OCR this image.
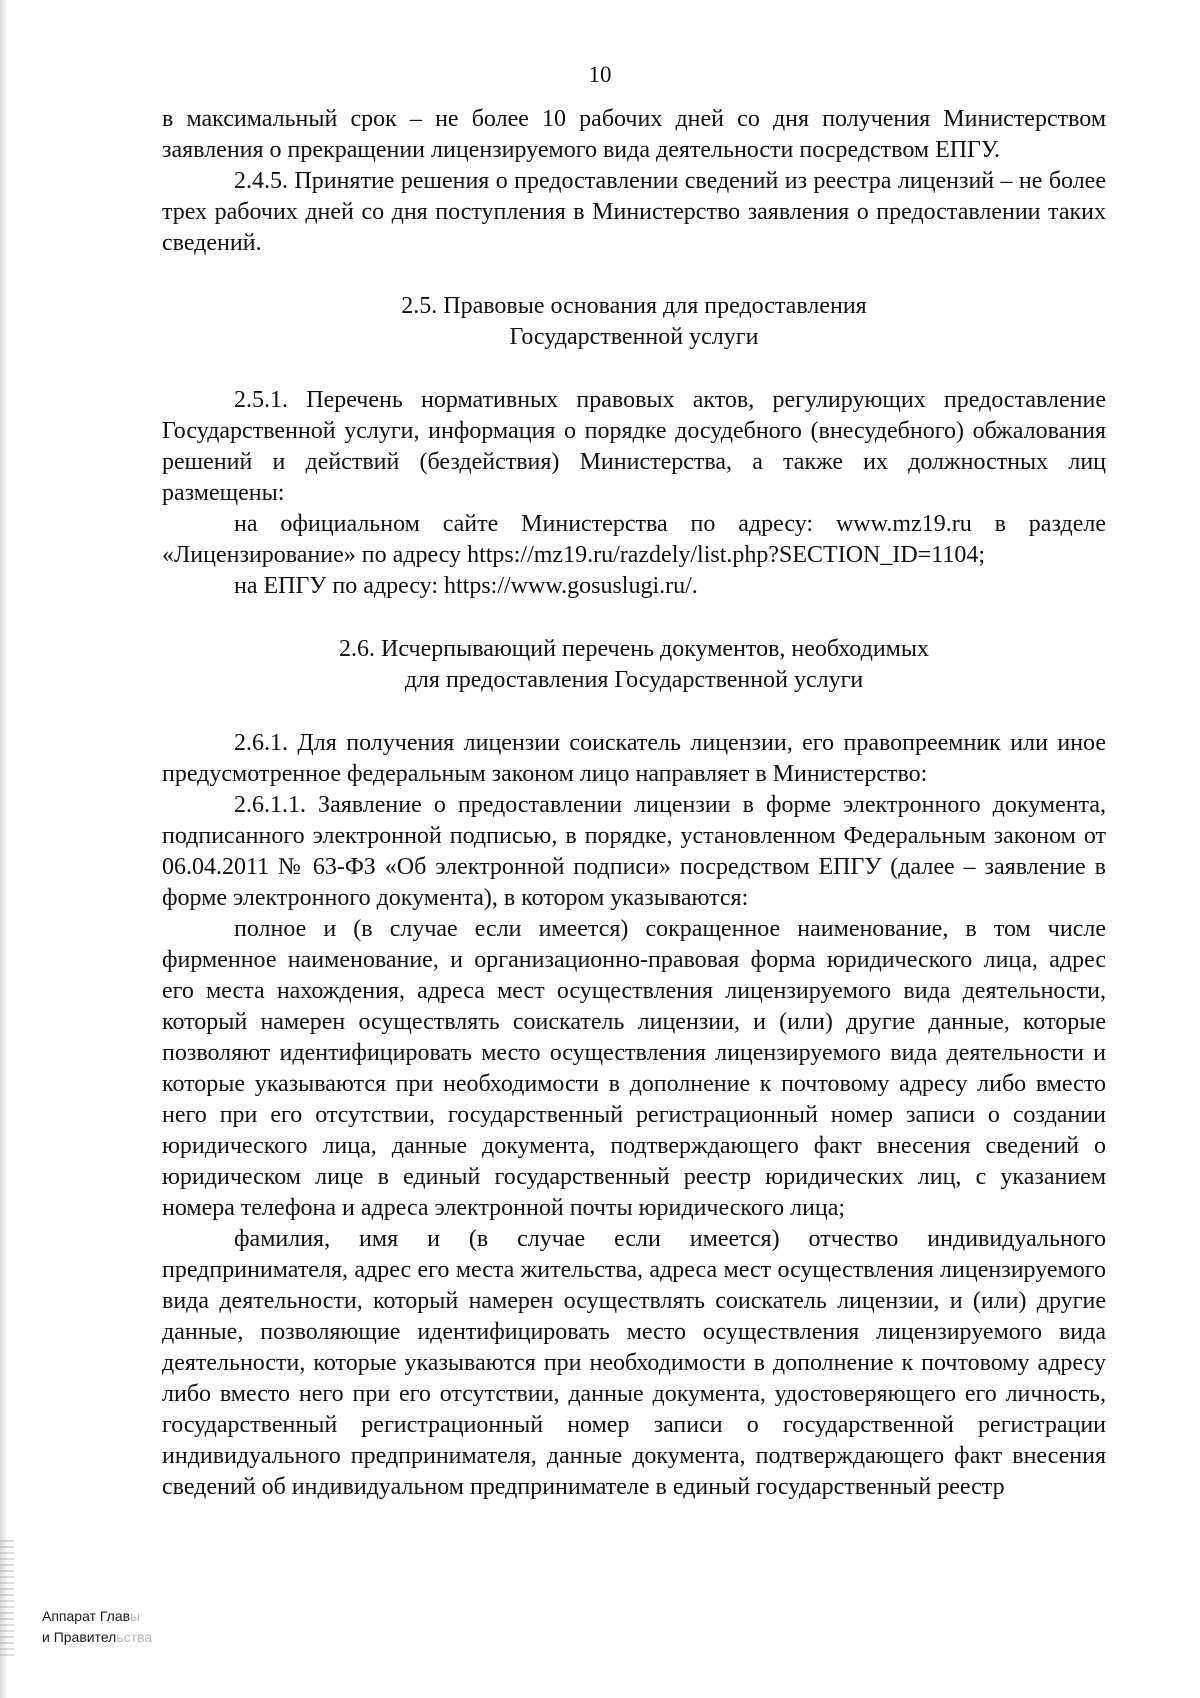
10

в максимальный срок – не более 10 рабочих дней со дня получения Министерством заявления о прекращении лицензируемого вида деятельности посредством ЕПГУ.

2.4.5. Принятие решения о предоставлении сведений из реестра лицензий – не более трех рабочих дней со дня поступления в Министерство заявления о предоставлении таких сведений.

2.5. Правовые основания для предоставления

Государственной услуги

2.5.1. Перечень нормативных правовых актов, регулирующих предоставление Государственной услуги, информация о порядке досудебного (внесудебного) обжалования решений и действий (бездействия) Министерства, а также их должностных лиц размещены:

на официальном сайте Министерства по адресу: www.mz19.ru в разделе «Лицензирование» по адресу https://mz19.ru/razdely/list.php?SECTION_ID=1104;

на ЕПГУ по адресу: https://www.gosuslugi.ru/.

2.6. Исчерпывающий перечень документов, необходимых

для предоставления Государственной услуги

2.6.1. Для получения лицензии соискатель лицензии, его правопреемник или иное предусмотренное федеральным законом лицо направляет в Министерство:

2.6.1.1. Заявление о предоставлении лицензии в форме электронного документа, подписанного электронной подписью, в порядке, установленном Федеральным законом от 06.04.2011 № 63-ФЗ «Об электронной подписи» посредством ЕПГУ (далее – заявление в форме электронного документа), в котором указываются:

полное и (в случае если имеется) сокращенное наименование, в том числе фирменное наименование, и организационно-правовая форма юридического лица, адрес его места нахождения, адреса мест осуществления лицензируемого вида деятельности, который намерен осуществлять соискатель лицензии, и (или) другие данные, которые позволяют идентифицировать место осуществления лицензируемого вида деятельности и которые указываются при необходимости в дополнение к почтовому адресу либо вместо него при его отсутствии, государственный регистрационный номер записи о создании юридического лица, данные документа, подтверждающего факт внесения сведений о юридическом лице в единый государственный реестр юридических лиц, с указанием номера телефона и адреса электронной почты юридического лица;

фамилия, имя и (в случае если имеется) отчество индивидуального предпринимателя, адрес его места жительства, адреса мест осуществления лицензируемого вида деятельности, который намерен осуществлять соискатель лицензии, и (или) другие данные, позволяющие идентифицировать место осуществления лицензируемого вида деятельности, которые указываются при необходимости в дополнение к почтовому адресу либо вместо него при его отсутствии, данные документа, удостоверяющего его личность, государственный регистрационный номер записи о государственной регистрации индивидуального предпринимателя, данные документа, подтверждающего факт внесения сведений об индивидуальном предпринимателе в единый государственный реестр

Аппарат Главы
и Правительства
